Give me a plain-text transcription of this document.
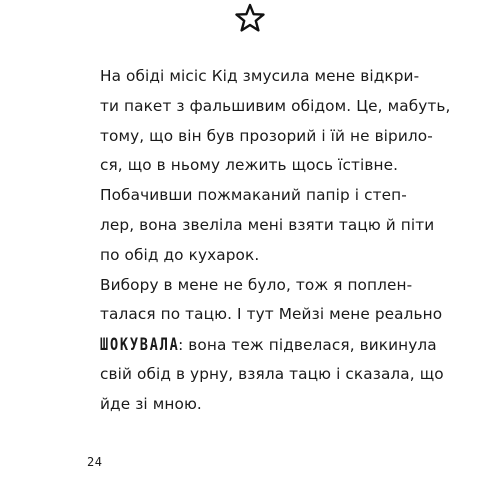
На обіді місіс Кід змусила мене відкри-
ти пакет з фальшивим обідом. Це, мабуть,
тому, що він був прозорий і їй не вірило-
ся, що в ньому лежить щось їстівне.
Побачивши пожмаканий папір і степ-
лер, вона звеліла мені взяти тацю й піти
по обід до кухарок.
Вибору в мене не було, тож я поплен-
талася по тацю. І тут Мейзі мене реально
ШОКУВАЛА: вона теж підвелася, викинула
свій обід в урну, взяла тацю і сказала, що
йде зі мною.
24
